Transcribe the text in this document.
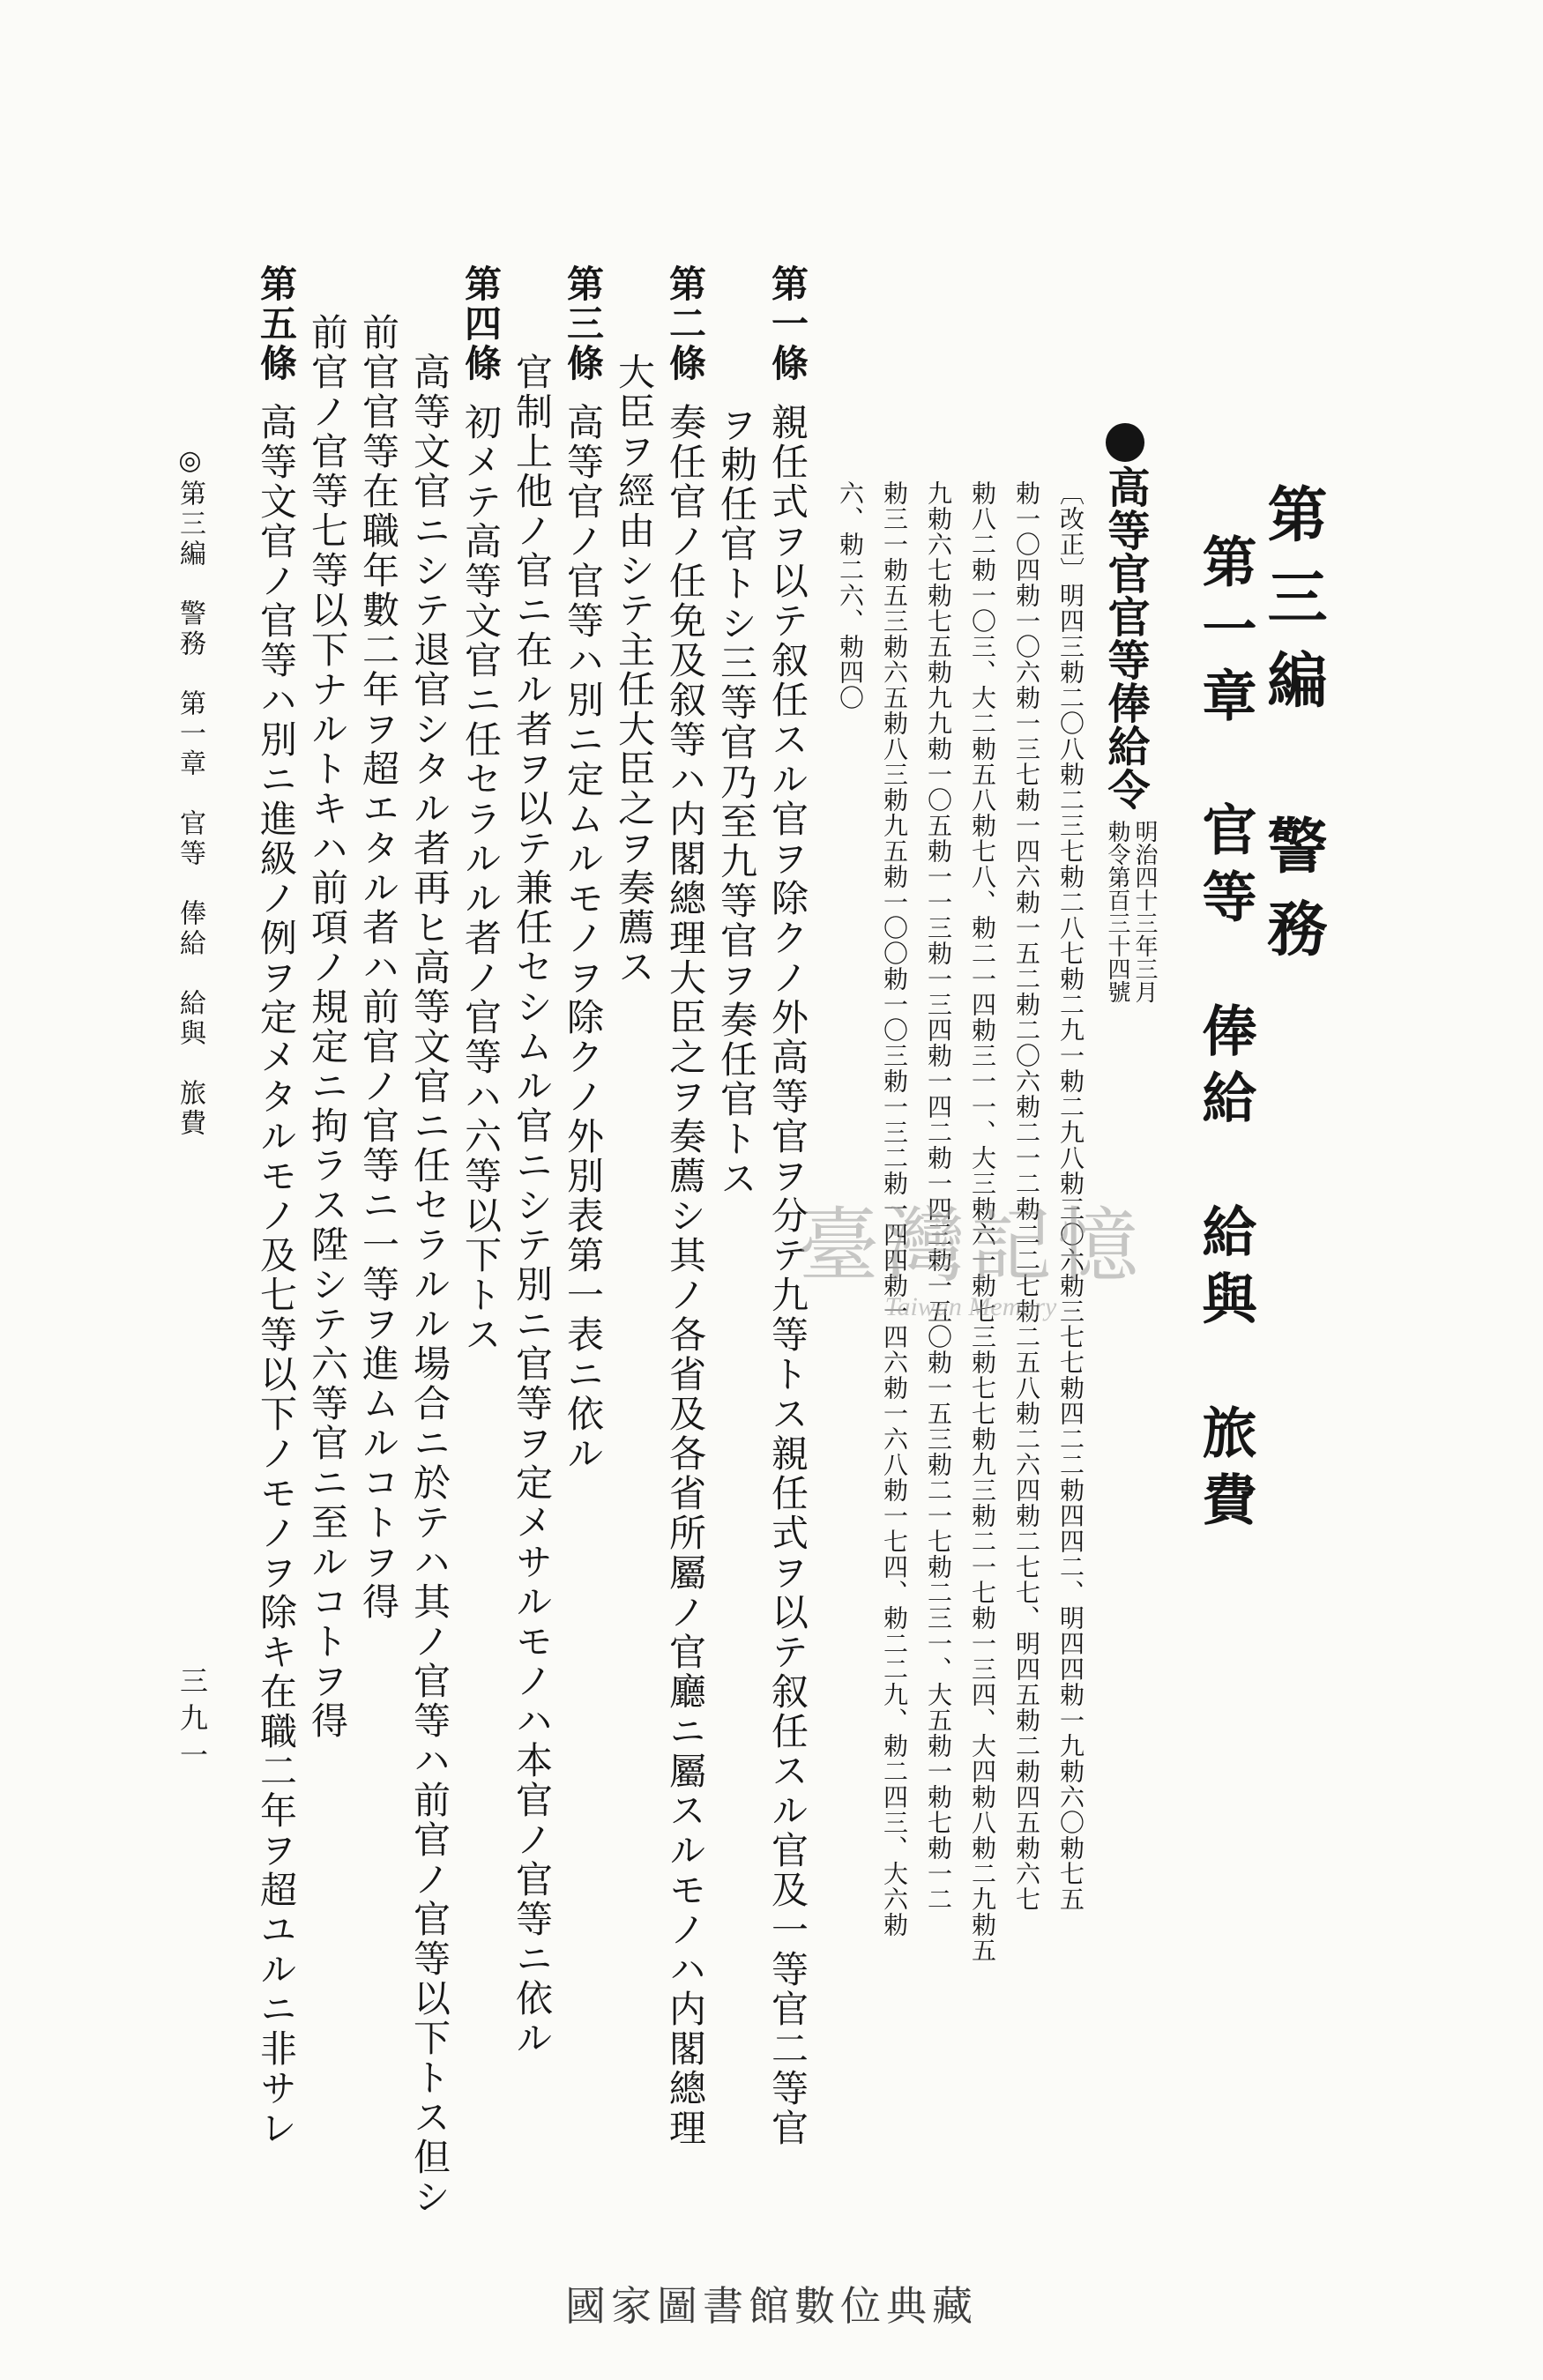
第三編　警務
第一章　官等　俸給　給與　旅費
高等官官等俸給令
明治四十三年三月
勅令第百三十四號
〔改正〕明四三勅二〇八勅二三七勅二八七勅二九一勅二九八勅三〇六勅三七七勅四二二勅四四二、明四四勅一九勅六〇勅七五
勅一〇四勅一〇六勅一三七勅一四六勅一五二勅二〇六勅二一二勅二二七勅二五八勅二六四勅二七七、明四五勅二勅四五勅六七
勅八二勅一〇三、大二勅五八勅七八、勅二一四勅三一一、大三勅六一勅七三勅七七勅九三勅二一七勅一三四、大四勅八勅二九勅五
九勅六七勅七五勅九九勅一〇五勅一一三勅一三四勅一四二勅一四三勅一五〇勅一五三勅二一七勅二三一、大五勅一勅七勅一二
勅三一勅五三勅六五勅八三勅九五勅一〇〇勅一〇三勅一三二勅一四四勅一四六勅一六八勅一七四、勅二二九、勅二四三、大六勅
六、勅二六、勅四〇
第一條親任式ヲ以テ叙任スル官ヲ除クノ外高等官ヲ分テ九等トス親任式ヲ以テ叙任スル官及一等官二等官
ヲ勅任官トシ三等官乃至九等官ヲ奏任官トス
第二條奏任官ノ任免及叙等ハ内閣總理大臣之ヲ奏薦シ其ノ各省及各省所屬ノ官廳ニ屬スルモノハ内閣總理
大臣ヲ經由シテ主任大臣之ヲ奏薦ス
第三條高等官ノ官等ハ別ニ定ムルモノヲ除クノ外別表第一表ニ依ル
官制上他ノ官ニ在ル者ヲ以テ兼任セシムル官ニシテ別ニ官等ヲ定メサルモノハ本官ノ官等ニ依ル
第四條初メテ高等文官ニ任セラルル者ノ官等ハ六等以下トス
高等文官ニシテ退官シタル者再ヒ高等文官ニ任セラルル場合ニ於テハ其ノ官等ハ前官ノ官等以下トス但シ
前官官等在職年數二年ヲ超エタル者ハ前官ノ官等ニ一等ヲ進ムルコトヲ得
前官ノ官等七等以下ナルトキハ前項ノ規定ニ拘ラス陞シテ六等官ニ至ルコトヲ得
第五條高等文官ノ官等ハ別ニ進級ノ例ヲ定メタルモノ及七等以下ノモノヲ除キ在職二年ヲ超ユルニ非サレ
◎第三編　警務　第一章　官等　俸給　給與　旅費
三九一
臺灣記憶
Taiwan Memory
國家圖書館數位典藏
